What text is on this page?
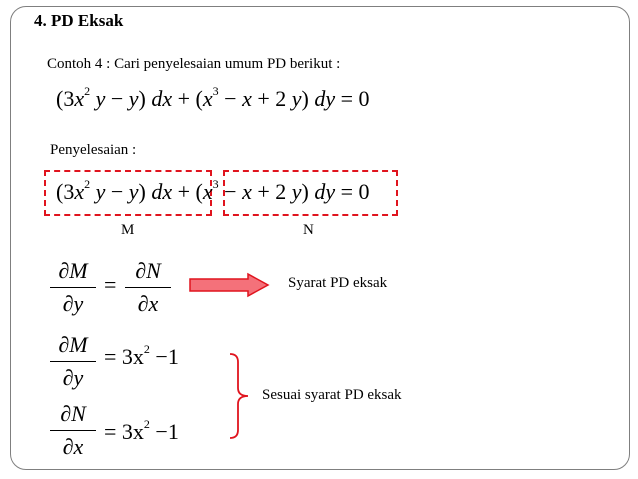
4. PD Eksak
Contoh 4 : Cari penyelesaian umum PD berikut :
($3x^2$ y − y) dx + ($x^3 - x + 2$ y) dy = 0
Penyelesaian :
($3x^2$ y − y) dx + ($x^3 - x + 2$ y) dy = 0
M	N
∂M
∂y
=
∂N
∂x
Syarat PD eksak
∂M
∂y
= $3x^2 -1$
∂N
∂x
= $3x^2 -1$
Sesuai syarat PD eksak
